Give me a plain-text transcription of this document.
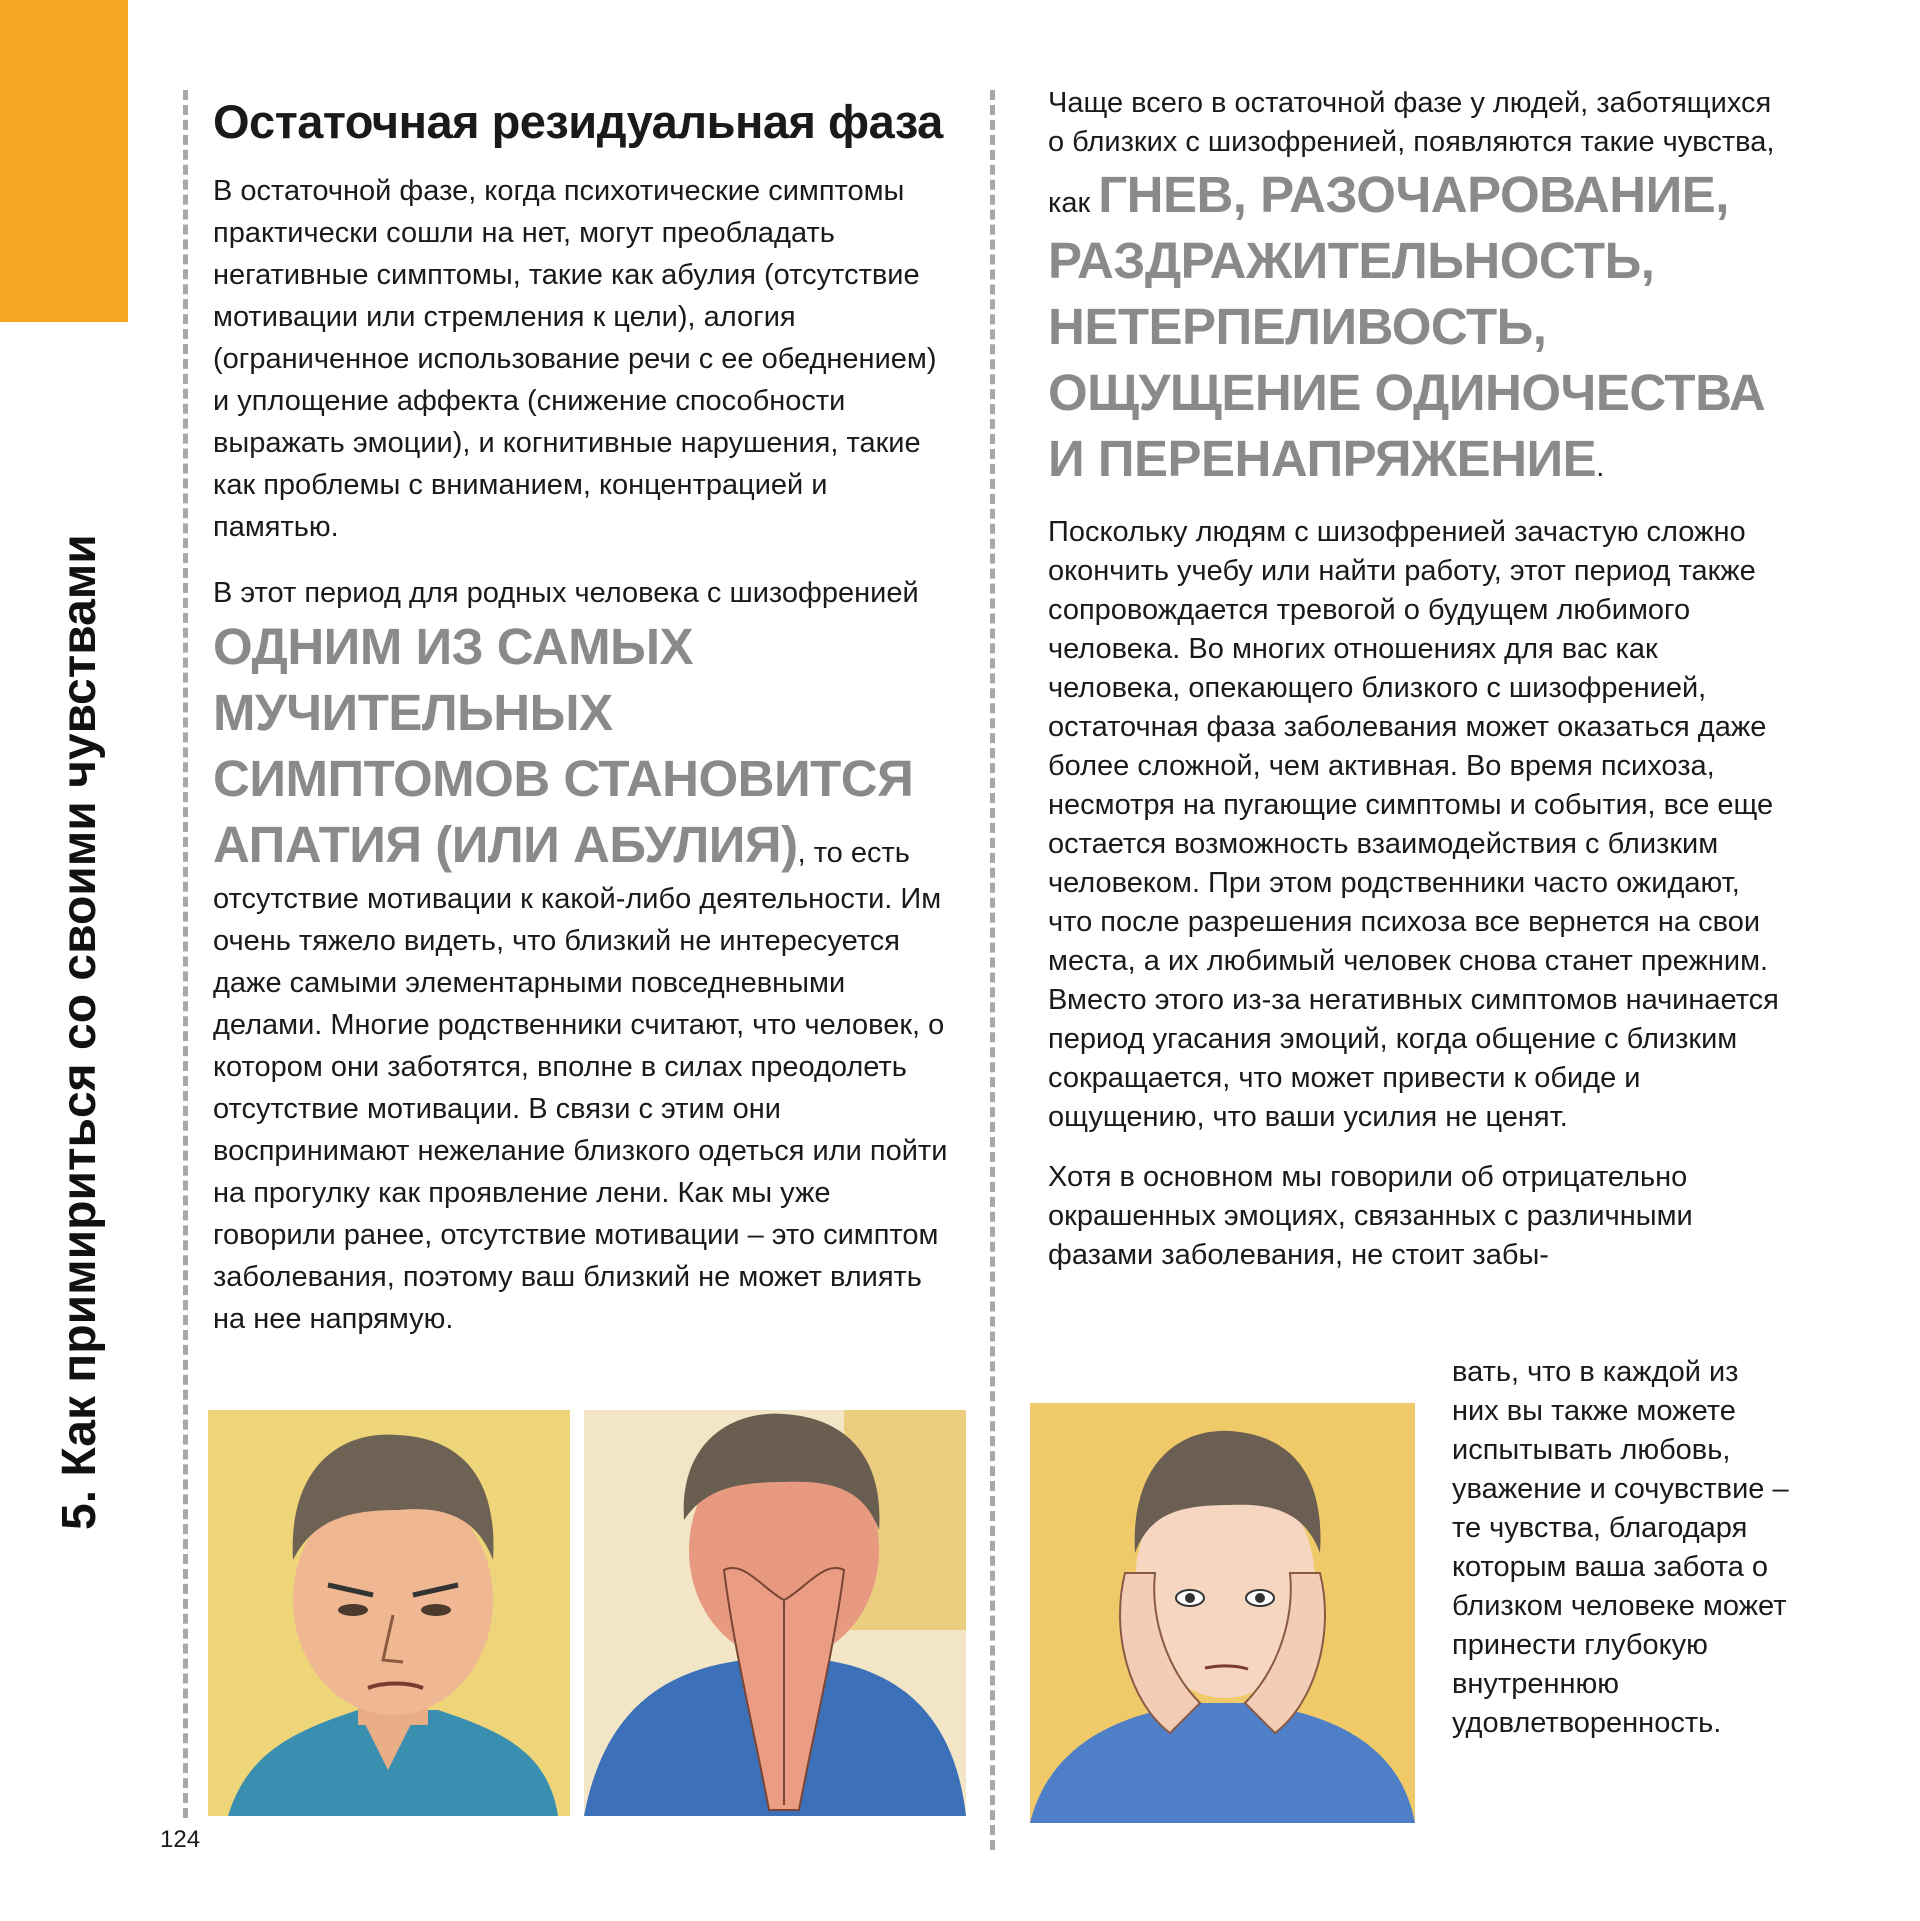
5. Как примириться со своими чувствами
Остаточная резидуальная фаза

В остаточной фазе, когда психотические симптомы практически сошли на нет, могут преобладать негативные симптомы, такие как абулия (отсутствие мотивации или стремления к цели), алогия (ограниченное использование речи с ее обеднением) и уплощение аффекта (снижение способности выражать эмоции), и когнитивные нарушения, такие как проблемы с вниманием, концентрацией и памятью.

В этот период для родных человека с шизофренией ОДНИМ ИЗ САМЫХ МУЧИТЕЛЬНЫХ СИМПТОМОВ СТАНОВИТСЯ АПАТИЯ (ИЛИ АБУЛИЯ), то есть отсутствие мотивации к какой-либо деятельности. Им очень тяжело видеть, что близкий не интересуется даже самыми элементарными повседневными делами. Многие родственники считают, что человек, о котором они заботятся, вполне в силах преодолеть отсутствие мотивации. В связи с этим они воспринимают нежелание близкого одеться или пойти на прогулку как проявление лени. Как мы уже говорили ранее, отсутствие мотивации – это симптом заболевания, поэтому ваш близкий не может влиять на нее напрямую.

Чаще всего в остаточной фазе у людей, заботящихся о близких с шизофренией, появляются такие чувства, как ГНЕВ, РАЗОЧАРОВАНИЕ, РАЗДРАЖИТЕЛЬНОСТЬ, НЕТЕРПЕЛИВОСТЬ, ОЩУЩЕНИЕ ОДИНОЧЕСТВА И ПЕРЕНАПРЯЖЕНИЕ.

Поскольку людям с шизофренией зачастую сложно окончить учебу или найти работу, этот период также сопровождается тревогой о будущем любимого человека. Во многих отношениях для вас как человека, опекающего близкого с шизофренией, остаточная фаза заболевания может оказаться даже более сложной, чем активная. Во время психоза, несмотря на пугающие симптомы и события, все еще остается возможность взаимодействия с близким человеком. При этом родственники часто ожидают, что после разрешения психоза все вернется на свои места, а их любимый человек снова станет прежним. Вместо этого из-за негативных симптомов начинается период угасания эмоций, когда общение с близким сокращается, что может привести к обиде и ощущению, что ваши усилия не ценят.

Хотя в основном мы говорили об отрицательно окрашенных эмоциях, связанных с различными фазами заболевания, не стоит забы-

вать, что в каждой из них вы также можете испытывать любовь, уважение и сочувствие – те чувства, благодаря которым ваша забота о близком человеке может принести глубокую внутреннюю удовлетворенность.

124
